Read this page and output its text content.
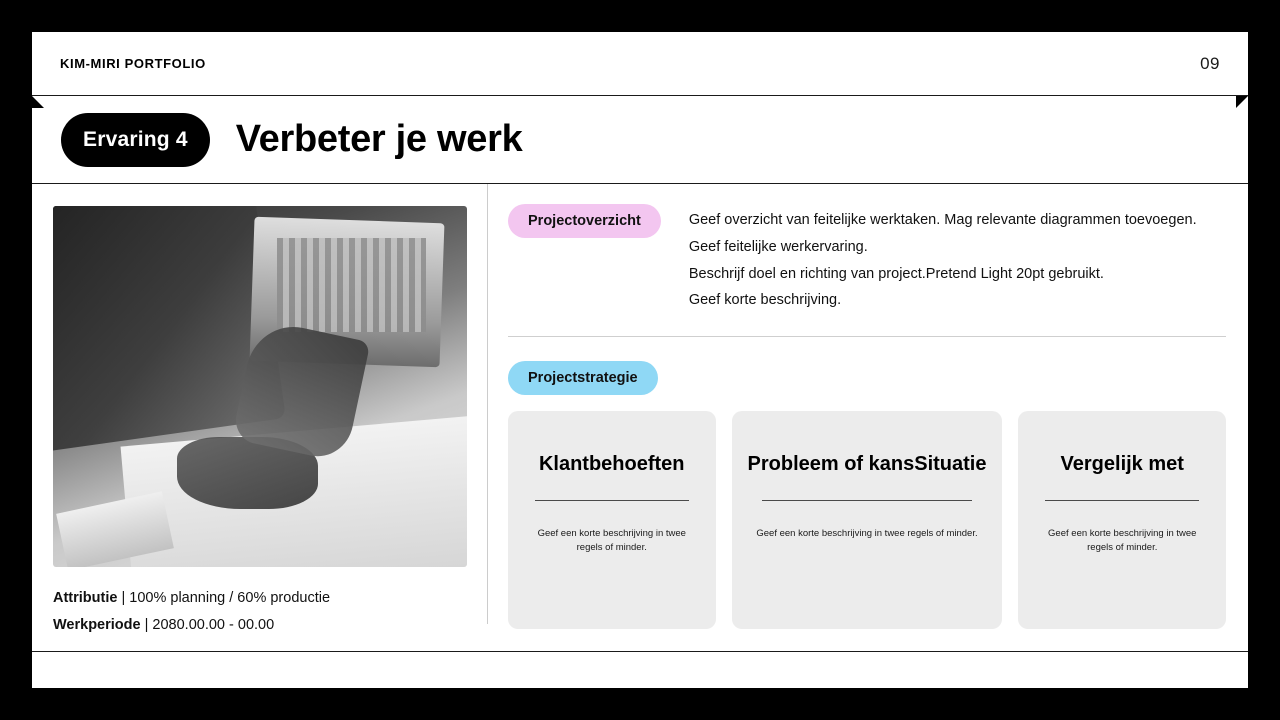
KIM-MIRI PORTFOLIO	09
Ervaring 4	Verbeter je werk
Attributie | 100% planning / 60% productie
Werkperiode | 2080.00.00 - 00.00
Projectoverzicht	Geef overzicht van feitelijke werktaken. Mag relevante diagrammen toevoegen.
Geef feitelijke werkervaring.
Beschrijf doel en richting van project.Pretend Light 20pt gebruikt.
Geef korte beschrijving.
Projectstrategie
Klantbehoeften
Geef een korte beschrijving in twee regels of minder.
Probleem of kansSituatie
Geef een korte beschrijving in twee regels of minder.
Vergelijk met
Geef een korte beschrijving in twee regels of minder.
